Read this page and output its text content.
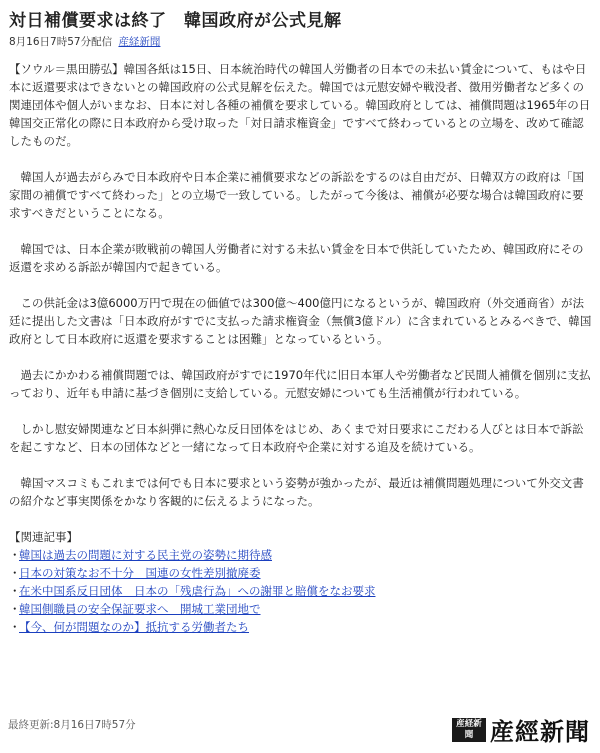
対日補償要求は終了　韓国政府が公式見解
8月16日7時57分配信 産経新聞

【ソウル＝黒田勝弘】韓国各紙は15日、日本統治時代の韓国人労働者の日本での未払い賃金について、もはや日本に返還要求はできないとの韓国政府の公式見解を伝えた。韓国では元慰安婦や戦没者、徴用労働者など多くの関連団体や個人がいまなお、日本に対し各種の補償を要求している。韓国政府としては、補償問題は1965年の日韓国交正常化の際に日本政府から受け取った「対日請求権資金」ですべて終わっているとの立場を、改めて確認したものだ。

韓国人が過去がらみで日本政府や日本企業に補償要求などの訴訟をするのは自由だが、日韓双方の政府は「国家間の補償ですべて終わった」との立場で一致している。したがって今後は、補償が必要な場合は韓国政府に要求すべきだということになる。

韓国では、日本企業が敗戦前の韓国人労働者に対する未払い賃金を日本で供託していたため、韓国政府にその返還を求める訴訟が韓国内で起きている。

この供託金は3億6000万円で現在の価値では300億～400億円になるというが、韓国政府（外交通商省）が法廷に提出した文書は「日本政府がすでに支払った請求権資金（無償3億ドル）に含まれているとみるべきで、韓国政府として日本政府に返還を要求することは困難」となっているという。

過去にかかわる補償問題では、韓国政府がすでに1970年代に旧日本軍人や労働者など民間人補償を個別に支払っており、近年も申請に基づき個別に支給している。元慰安婦についても生活補償が行われている。

しかし慰安婦関連など日本糾弾に熱心な反日団体をはじめ、あくまで対日要求にこだわる人びとは日本で訴訟を起こすなど、日本の団体などと一緒になって日本政府や企業に対する追及を続けている。

韓国マスコミもこれまでは何でも日本に要求という姿勢が強かったが、最近は補償問題処理について外交文書の紹介など事実関係をかなり客観的に伝えるようになった。

【関連記事】
・韓国は過去の問題に対する民主党の姿勢に期待感
・日本の対策なお不十分　国連の女性差別撤廃委
・在米中国系反日団体　日本の「残虐行為」への謝罪と賠償をなお要求
・韓国側職員の安全保証要求へ　開城工業団地で
・【今、何が問題なのか】抵抗する労働者たち
最終更新:8月16日7時57分	産経新聞 産經新聞
